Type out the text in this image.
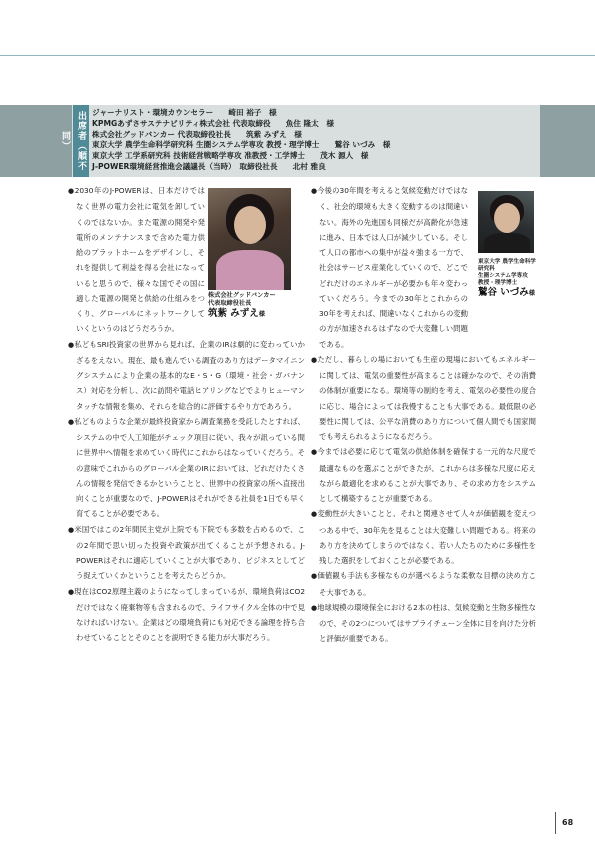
出席者（順不同）
ジャーナリスト・環境カウンセラー　　崎田 裕子　様
KPMGあずさサステナビリティ株式会社 代表取締役　　魚住 隆太　様
株式会社グッドバンカー 代表取締役社長　　筑紫 みずえ　様
東京大学 農学生命科学研究科 生圏システム学専攻 教授・理学博士　　鷲谷 いづみ　様
東京大学 工学系研究科 技術経営戦略学専攻 准教授・工学博士　　茂木 源人　様
J-POWER環境経営推進会議議長（当時）　取締役社長　　北村 雅良

● 2030年のJ-POWERは、日本だけではなく世界の電力会社に電気を卸していくのではないか。また電源の開発や発電所のメンテナンスまで含めた電力供給のプラットホームをデザインし、それを提供して利益を得る会社になっていると思うので、様々な国でその国に適した電源の開発と供給の仕組みをつくり、グローバルにネットワークしていくというのはどうだろうか。

● 私どもSRI投資家の世界から見れば、企業のIRは劇的に変わっていかざるをえない。現在、最も進んでいる調査のあり方はデータマイニングシステムにより企業の基本的なE・S・G（環境・社会・ガバナンス）対応を分析し、次に訪問や電話ヒアリングなどでよりヒューマンタッチな情報を集め、それらを総合的に評価するやり方であろう。

● 私どものような企業が最終投資家から調査業務を受託したとすれば、システムの中で人工知能がチェック項目に従い、我々が訊っている間に世界中へ情報を求めていく時代にこれからはなっていくだろう。その意味でこれからのグローバル企業のIRにおいては、どれだけたくさんの情報を発信できるかということと、世界中の投資家の所へ直接出向くことが重要なので、J-POWERはそれができる社員を1日でも早く育てることが必要である。

● 米国ではこの2年間民主党が上院でも下院でも多数を占めるので、この2年間で思い切った投資や政策が出てくることが予想される。J-POWERはそれに適応していくことが大事であり、ビジネスとしてどう捉えていくかということを考えたらどうか。

● 現在はCO2原理主義のようになってしまっているが、環境負荷はCO2だけではなく廃棄物等も含まれるので、ライフサイクル全体の中で見なければいけない。企業はどの環境負荷にも対応できる論理を持ち合わせていることとそのことを説明できる能力が大事だろう。

● 今後の30年間を考えると気候変動だけではなく、社会的環境も大きく変動するのは間違いない。海外の先進国も同様だが高齢化が急速に進み、日本では人口が減少している。そして人口の都市への集中が益々強まる一方で、社会はサービス産業化していくので、どこでどれだけのエネルギーが必要かも年々変わっていくだろう。今までの30年とこれからの30年を考えれば、間違いなくこれからの変動の方が加速されるはずなので大変難しい問題である。

● ただし、暮らしの場においても生産の現場においてもエネルギーに関しては、電気の重要性が高まることは確かなので、その消費の体制が重要になる。環境等の制約を考え、電気の必要性の度合に応じ、場合によっては我慢することも大事である。最低限の必要性に関しては、公平な消費のあり方について個人間でも国家間でも考えられるようになるだろう。

● 今までは必要に応じて電気の供給体制を確保する一元的な尺度で最適なものを選ぶことができたが、これからは多様な尺度に応えながら最適化を求めることが大事であり、その求め方をシステムとして構築することが重要である。

● 変動性が大きいことと、それと関連させて人々が価値観を変えつつある中で、30年先を見ることは大変難しい問題である。将来のあり方を決めてしまうのではなく、若い人たちのために多様性を残した選択をしておくことが必要である。

● 価値観も手法も多様なものが選べるような柔軟な目標の決め方こそ大事である。

● 地球規模の環境保全における2本の柱は、気候変動と生物多様性なので、その2つについてはサプライチェーン全体に目を向けた分析と評価が重要である。

株式会社グッドバンカー
代表取締役社長
筑紫 みずえ様
東京大学 農学生命科学研究科
生圏システム学専攻
教授・理学博士
鷲谷 いづみ様
68
